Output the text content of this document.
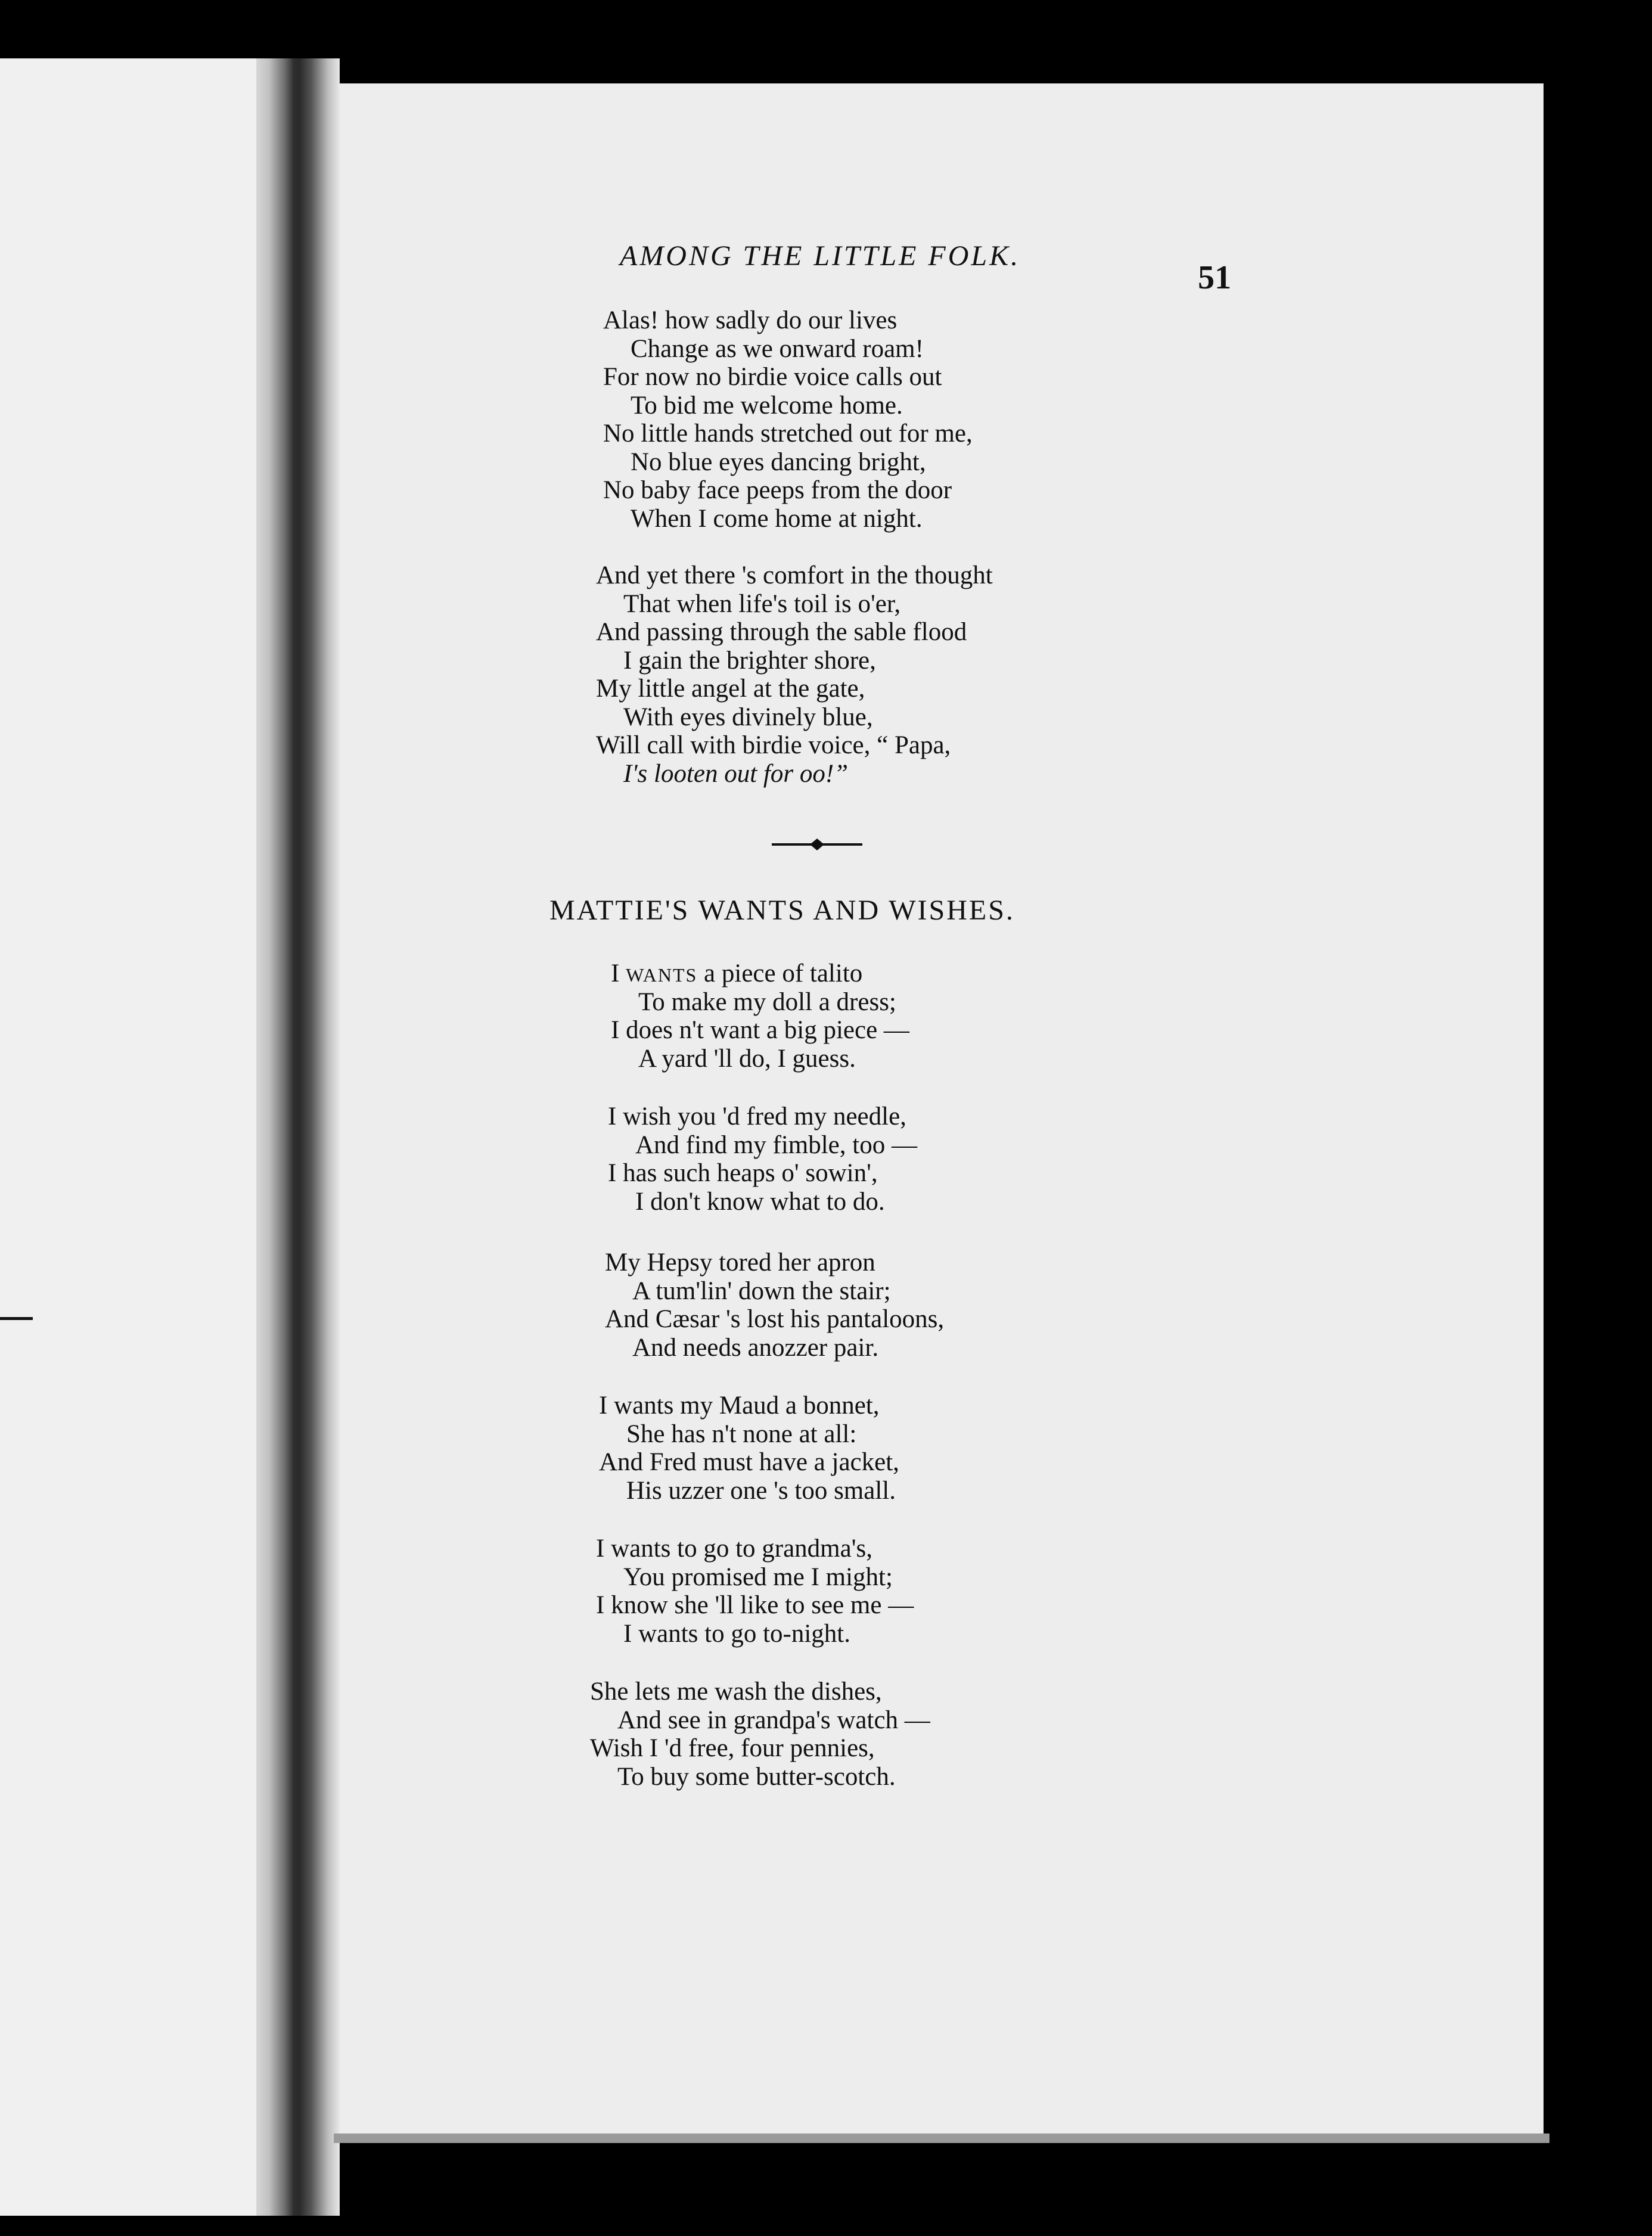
AMONG THE LITTLE FOLK.
51
Alas! how sadly do our lives
Change as we onward roam!
For now no birdie voice calls out
To bid me welcome home.
No little hands stretched out for me,
No blue eyes dancing bright,
No baby face peeps from the door
When I come home at night.
And yet there 's comfort in the thought
That when life's toil is o'er,
And passing through the sable flood
I gain the brighter shore,
My little angel at the gate,
With eyes divinely blue,
Will call with birdie voice, “ Papa,
I's looten out for oo!”
MATTIE'S WANTS AND WISHES.
I WANTS a piece of talito
To make my doll a dress;
I does n't want a big piece —
A yard 'll do, I guess.
I wish you 'd fred my needle,
And find my fimble, too —
I has such heaps o' sowin',
I don't know what to do.
My Hepsy tored her apron
A tum'lin' down the stair;
And Cæsar 's lost his pantaloons,
And needs anozzer pair.
I wants my Maud a bonnet,
She has n't none at all:
And Fred must have a jacket,
His uzzer one 's too small.
I wants to go to grandma's,
You promised me I might;
I know she 'll like to see me —
I wants to go to-night.
She lets me wash the dishes,
And see in grandpa's watch —
Wish I 'd free, four pennies,
To buy some butter-scotch.
